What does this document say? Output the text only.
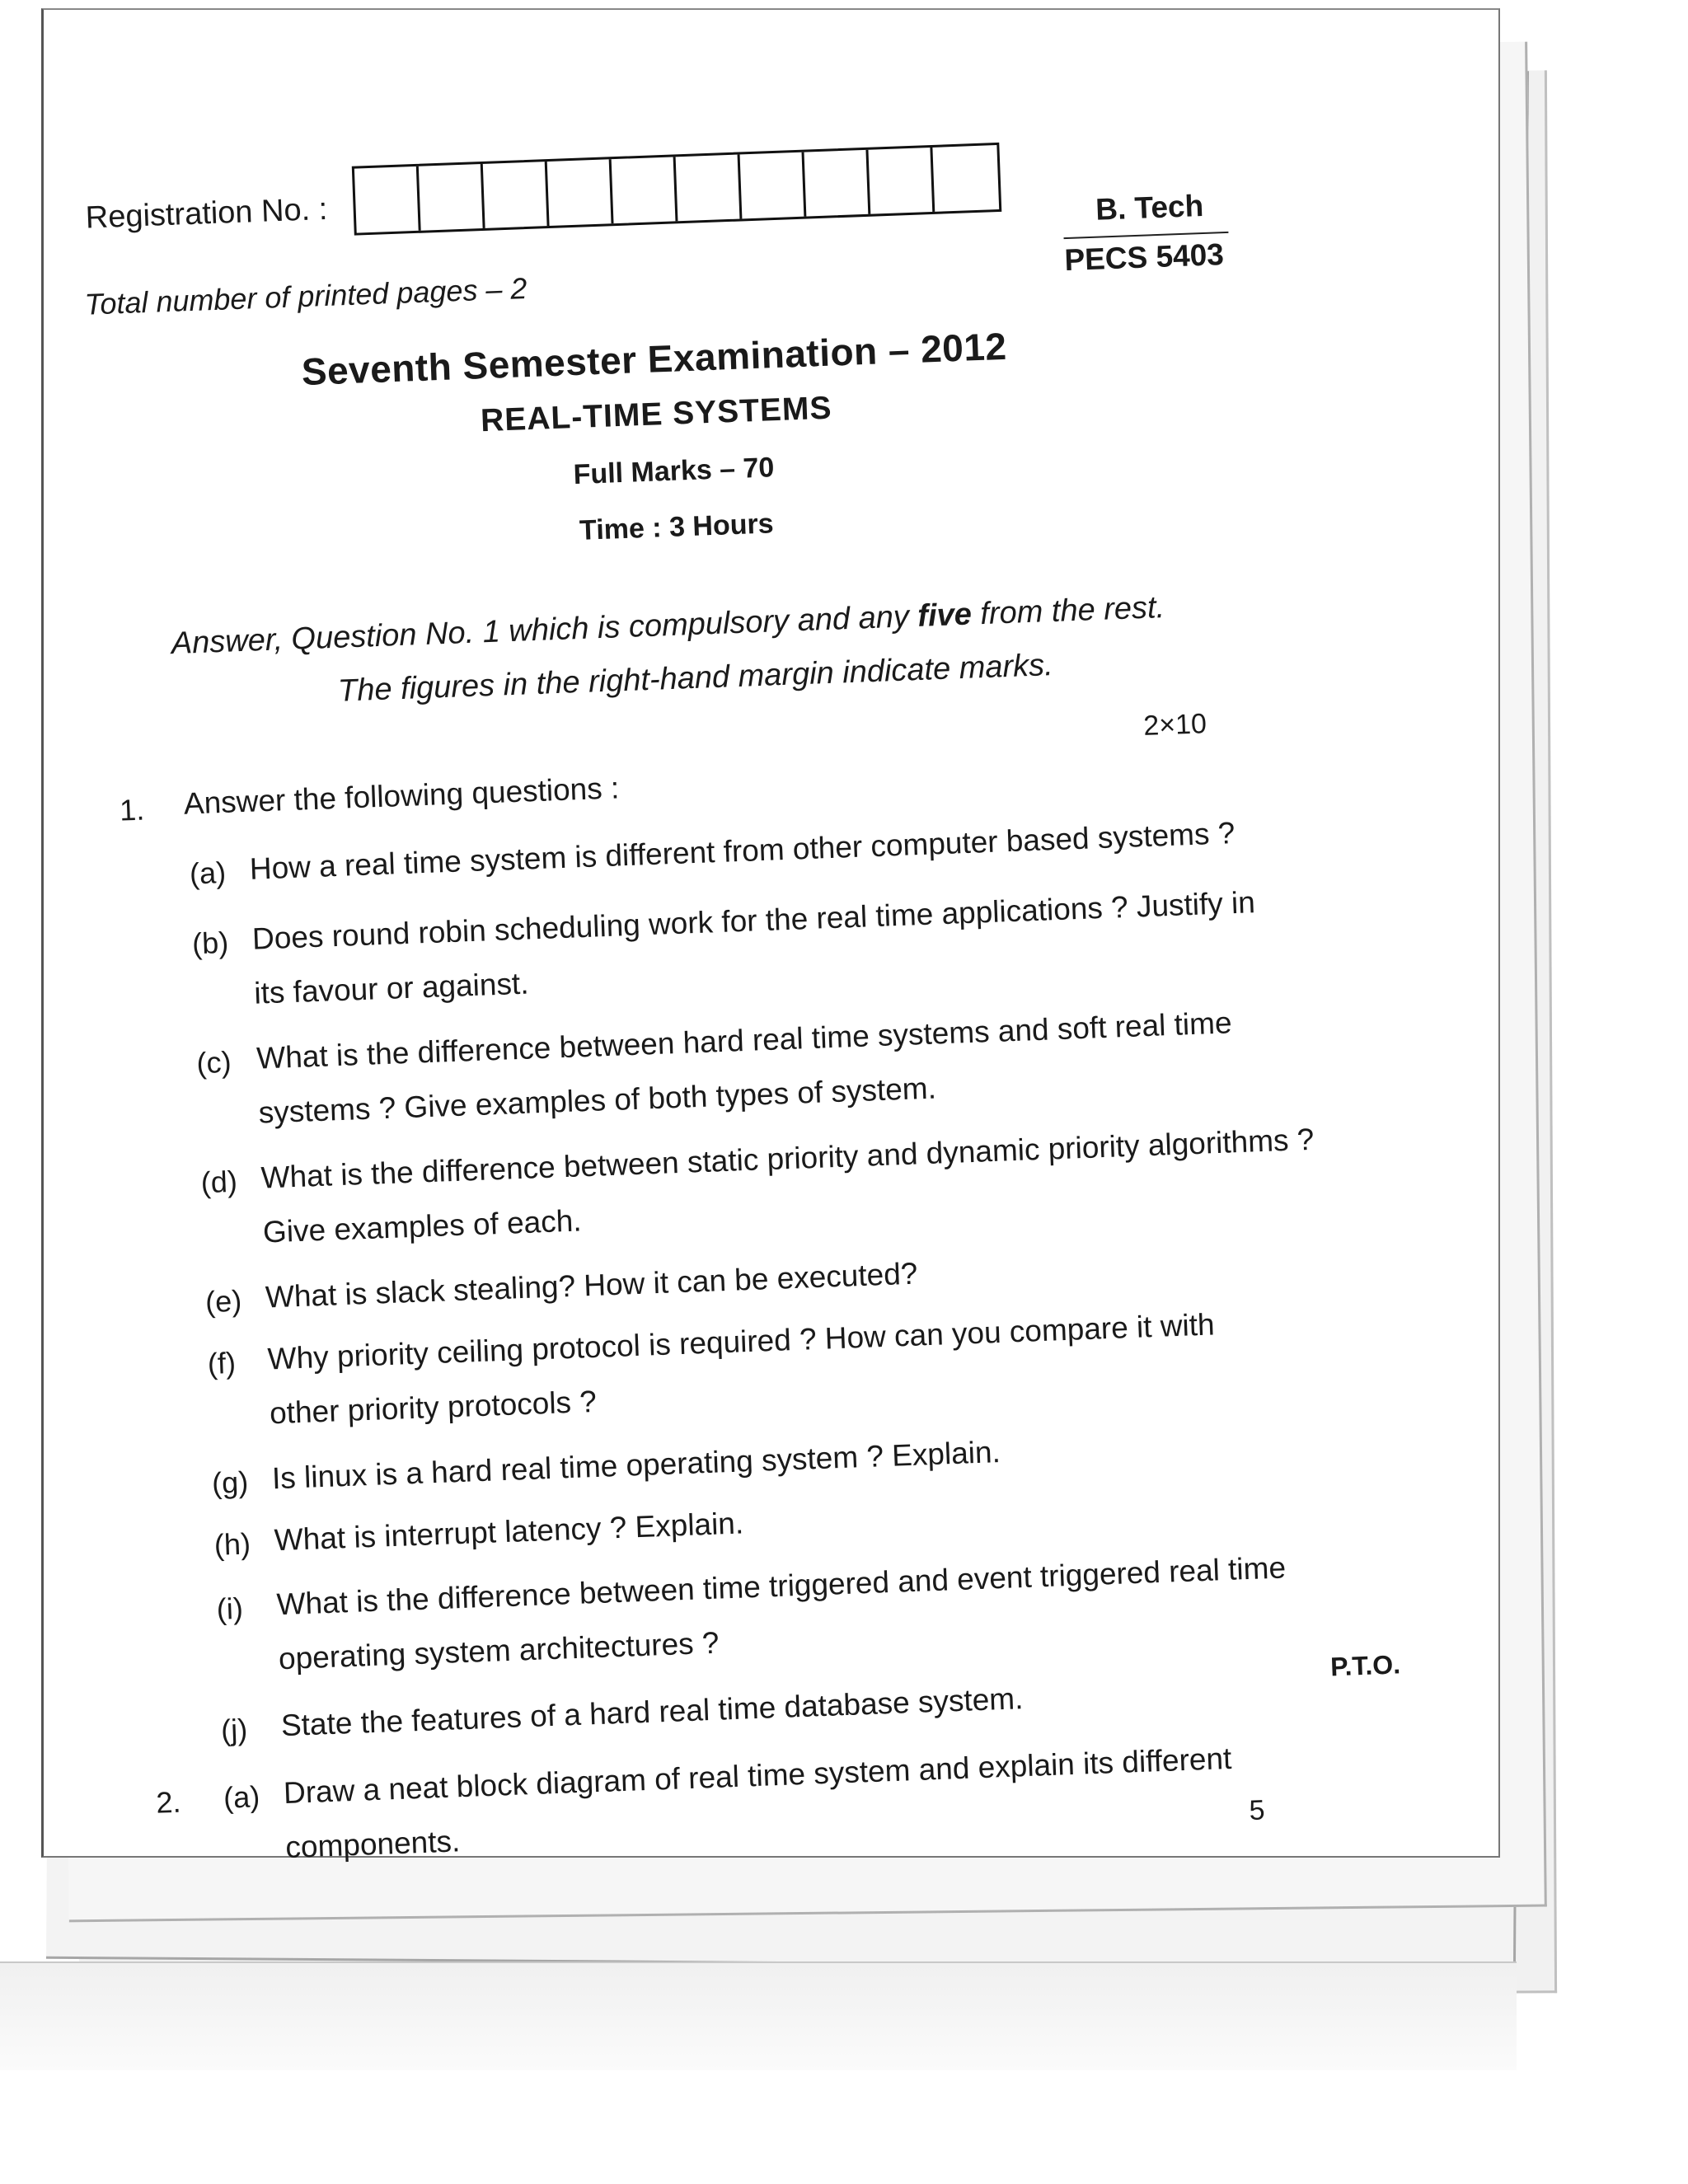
Registration No. :	B. Tech
PECS 5403
Total number of printed pages – 2
Seventh Semester Examination – 2012
REAL-TIME SYSTEMS
Full Marks – 70
Time : 3 Hours
Answer, Question No. 1 which is compulsory and any five from the rest.
The figures in the right-hand margin indicate marks.
2×10
1. Answer the following questions :
(a) How a real time system is different from other computer based systems ?
(b) Does round robin scheduling work for the real time applications ? Justify in
its favour or against.
(c) What is the difference between hard real time systems and soft real time
systems ? Give examples of both types of system.
(d) What is the difference between static priority and dynamic priority algorithms ?
Give examples of each.
(e) What is slack stealing? How it can be executed?
(f) Why priority ceiling protocol is required ? How can you compare it with
other priority protocols ?
(g) Is linux is a hard real time operating system ? Explain.
(h) What is interrupt latency ? Explain.
(i) What is the difference between time triggered and event triggered real time
operating system architectures ?
(j) State the features of a hard real time database system.
2. (a) Draw a neat block diagram of real time system and explain its different
5
components.
P.T.O.
